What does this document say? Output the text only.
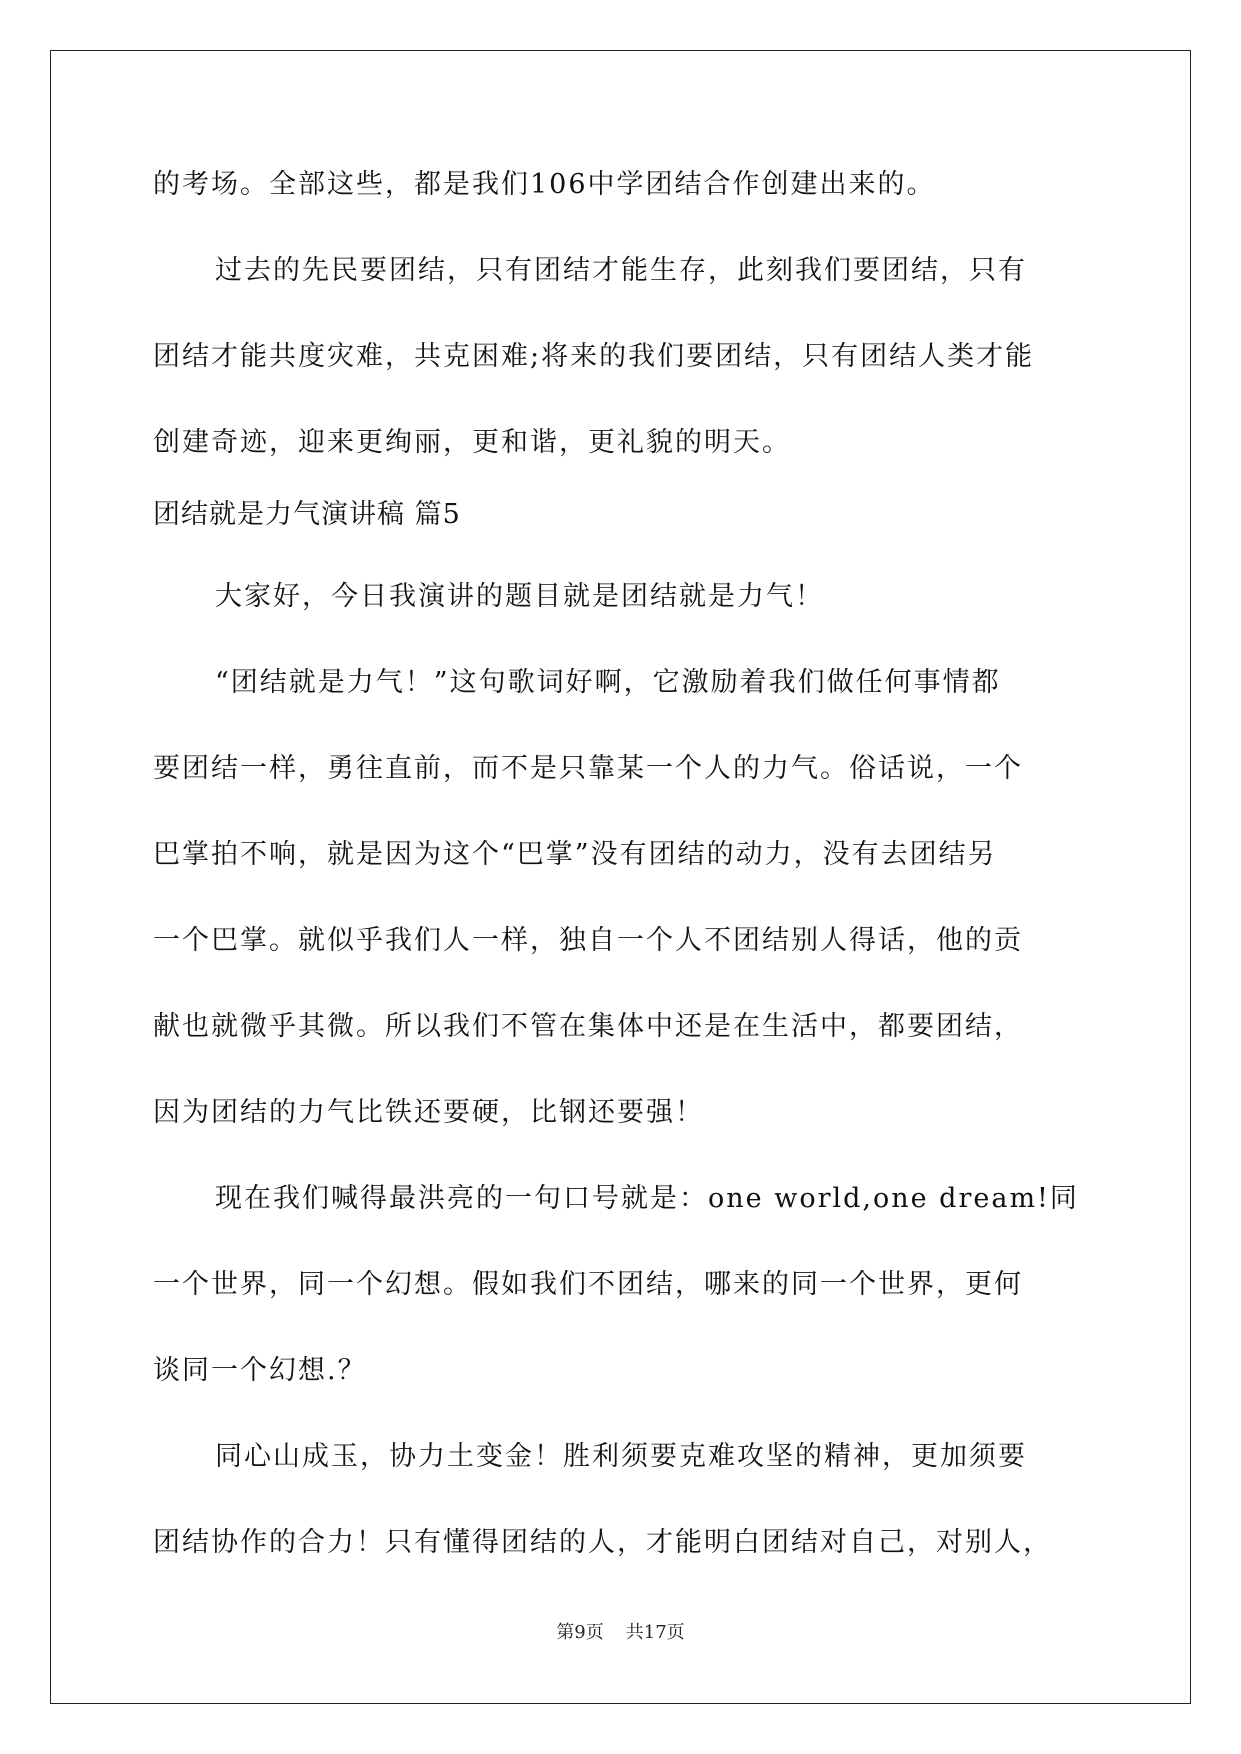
的考场。全部这些，都是我们106中学团结合作创建出来的。
过去的先民要团结，只有团结才能生存，此刻我们要团结，只有
团结才能共度灾难，共克困难;将来的我们要团结，只有团结人类才能
创建奇迹，迎来更绚丽，更和谐，更礼貌的明天。
团结就是力气演讲稿 篇5
大家好，今日我演讲的题目就是团结就是力气！
“团结就是力气！”这句歌词好啊，它激励着我们做任何事情都
要团结一样，勇往直前，而不是只靠某一个人的力气。俗话说，一个
巴掌拍不响，就是因为这个“巴掌”没有团结的动力，没有去团结另
一个巴掌。就似乎我们人一样，独自一个人不团结别人得话，他的贡
献也就微乎其微。所以我们不管在集体中还是在生活中，都要团结，
因为团结的力气比铁还要硬，比钢还要强！
现在我们喊得最洪亮的一句口号就是：one world,one dream!同
一个世界，同一个幻想。假如我们不团结，哪来的同一个世界，更何
谈同一个幻想.？
同心山成玉，协力土变金！胜利须要克难攻坚的精神，更加须要
团结协作的合力！只有懂得团结的人，才能明白团结对自己，对别人，
第9页 共17页
